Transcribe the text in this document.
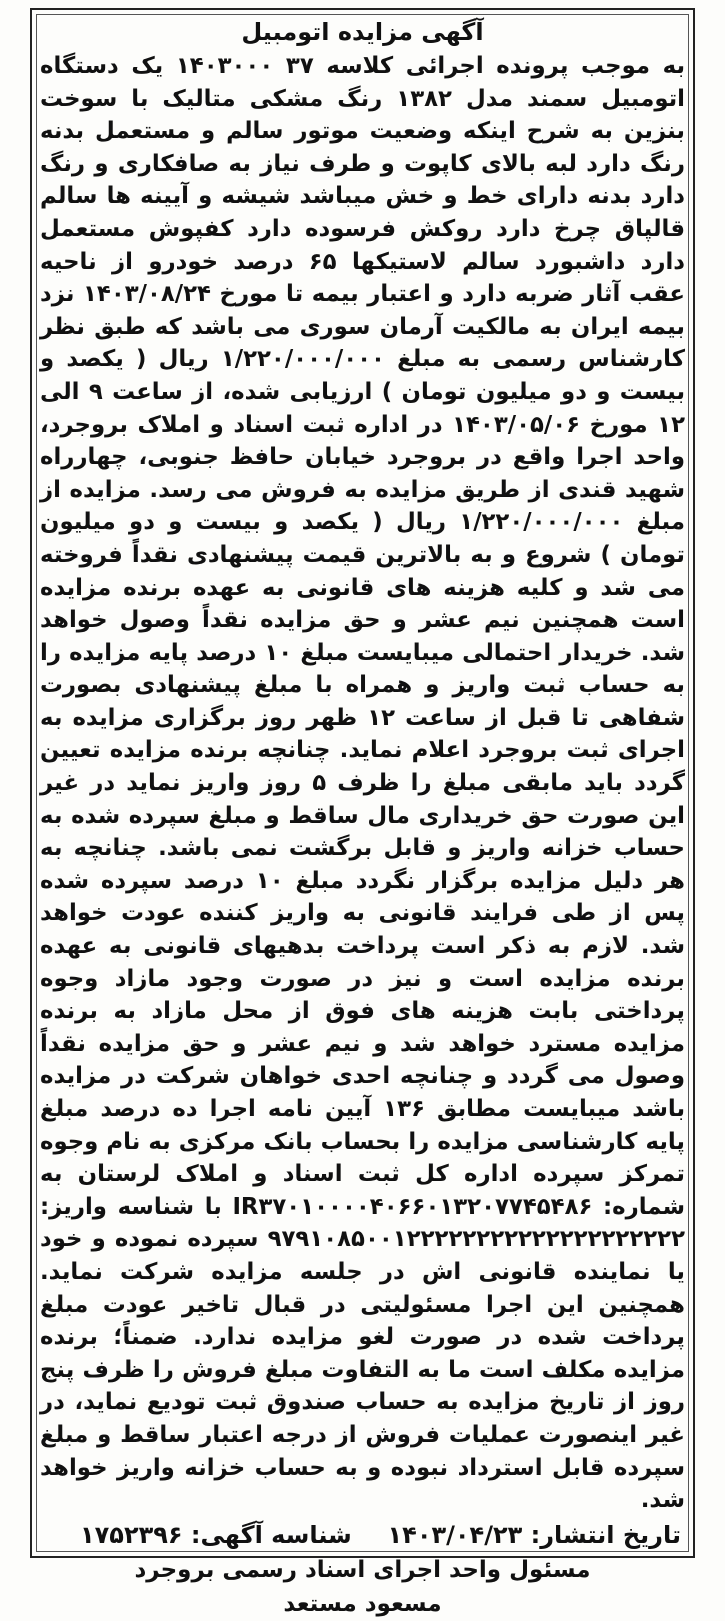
آگهی مزایده اتومبیل

به موجب پرونده اجرائی کلاسه ۳۷ ۱۴۰۳۰۰۰ یک دستگاه اتومبیل سمند مدل ۱۳۸۲ رنگ مشکی متالیک با سوخت بنزین به شرح اینکه وضعیت موتور سالم و مستعمل بدنه رنگ دارد لبه بالای کاپوت و طرف نیاز به صافکاری و رنگ دارد بدنه دارای خط و خش میباشد شیشه و آیینه ها سالم قالپاق چرخ دارد روکش فرسوده دارد کفپوش مستعمل دارد داشبورد سالم لاستیکها ۶۵ درصد خودرو از ناحیه عقب آثار ضربه دارد و اعتبار بیمه تا مورخ ۱۴۰۳/۰۸/۲۴ نزد بیمه ایران به مالکیت آرمان سوری می باشد که طبق نظر کارشناس رسمی به مبلغ ۱/۲۲۰/۰۰۰/۰۰۰ ریال ( یکصد و بیست و دو میلیون تومان ) ارزیابی شده، از ساعت ۹ الی ۱۲ مورخ ۱۴۰۳/۰۵/۰۶ در اداره ثبت اسناد و املاک بروجرد، واحد اجرا واقع در بروجرد خیابان حافظ جنوبی، چهارراه شهید قندی از طریق مزایده به فروش می رسد. مزایده از مبلغ ۱/۲۲۰/۰۰۰/۰۰۰ ریال ( یکصد و بیست و دو میلیون تومان ) شروع و به بالاترین قیمت پیشنهادی نقداً فروخته می شد و کلیه هزینه های قانونی به عهده برنده مزایده است همچنین نیم عشر و حق مزایده نقداً وصول خواهد شد. خریدار احتمالی میبایست مبلغ ۱۰ درصد پایه مزایده را به حساب ثبت واریز و همراه با مبلغ پیشنهادی بصورت شفاهی تا قبل از ساعت ۱۲ ظهر روز برگزاری مزایده به اجرای ثبت بروجرد اعلام نماید. چنانچه برنده مزایده تعیین گردد باید مابقی مبلغ را ظرف ۵ روز واریز نماید در غیر این صورت حق خریداری مال ساقط و مبلغ سپرده شده به حساب خزانه واریز و قابل برگشت نمی باشد. چنانچه به هر دلیل مزایده برگزار نگردد مبلغ ۱۰ درصد سپرده شده پس از طی فرایند قانونی به واریز کننده عودت خواهد شد. لازم به ذکر است پرداخت بدهیهای قانونی به عهده برنده مزایده است و نیز در صورت وجود مازاد وجوه پرداختی بابت هزینه های فوق از محل مازاد به برنده مزایده مسترد خواهد شد و نیم عشر و حق مزایده نقداً وصول می گردد و چنانچه احدی خواهان شرکت در مزایده باشد میبایست مطابق ۱۳۶ آیین نامه اجرا ده درصد مبلغ پایه کارشناسی مزایده را بحساب بانک مرکزی به نام وجوه تمرکز سپرده اداره کل ثبت اسناد و املاک لرستان به شماره: IR۳۷۰۱۰۰۰۰۴۰۶۶۰۱۳۲۰۷۷۴۵۴۸۶ با شناسه واریز: ۹۷۹۱۰۸۵۰۰۱۲۲۲۲۲۲۲۲۲۲۲۲۲۲۲۲۲۲۲۲ سپرده نموده و خود یا نماینده قانونی اش در جلسه مزایده شرکت نماید. همچنین این اجرا مسئولیتی در قبال تاخیر عودت مبلغ پرداخت شده در صورت لغو مزایده ندارد. ضمناً؛ برنده مزایده مکلف است ما به التفاوت مبلغ فروش را ظرف پنج روز از تاریخ مزایده به حساب صندوق ثبت تودیع نماید، در غیر اینصورت عملیات فروش از درجه اعتبار ساقط و مبلغ سپرده قابل استرداد نبوده و به حساب خزانه واریز خواهد شد.

تاریخ انتشار: ۱۴۰۳/۰۴/۲۳
شناسه آگهی: ۱۷۵۲۳۹۶

مسئول واحد اجرای اسناد رسمی بروجرد

مسعود مستعد
